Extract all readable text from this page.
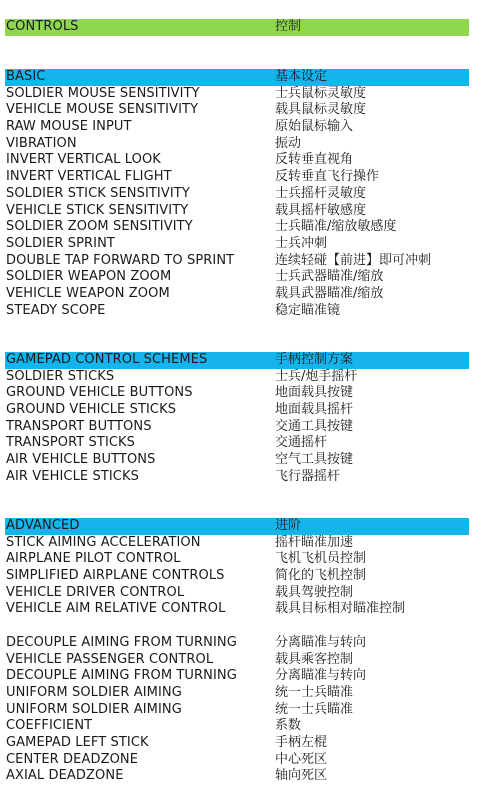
CONTROLS	控制
BASIC	基本设定
SOLDIER MOUSE SENSITIVITY	士兵鼠标灵敏度
VEHICLE MOUSE SENSITIVITY	载具鼠标灵敏度
RAW MOUSE INPUT	原始鼠标输入
VIBRATION	振动
INVERT VERTICAL LOOK	反转垂直视角
INVERT VERTICAL FLIGHT	反转垂直飞行操作
SOLDIER STICK SENSITIVITY	士兵摇杆灵敏度
VEHICLE STICK SENSITIVITY	载具摇杆敏感度
SOLDIER ZOOM SENSITIVITY	士兵瞄准/缩放敏感度
SOLDIER SPRINT	士兵冲刺
DOUBLE TAP FORWARD TO SPRINT	连续轻碰【前进】即可冲刺
SOLDIER WEAPON ZOOM	士兵武器瞄准/缩放
VEHICLE WEAPON ZOOM	载具武器瞄准/缩放
STEADY SCOPE	稳定瞄准镜
GAMEPAD CONTROL SCHEMES	手柄控制方案
SOLDIER STICKS	士兵/炮手摇杆
GROUND VEHICLE BUTTONS	地面载具按键
GROUND VEHICLE STICKS	地面载具摇杆
TRANSPORT BUTTONS	交通工具按键
TRANSPORT STICKS	交通摇杆
AIR VEHICLE BUTTONS	空气工具按键
AIR VEHICLE STICKS	飞行器摇杆
ADVANCED	进阶
STICK AIMING ACCELERATION	摇杆瞄准加速
AIRPLANE PILOT CONTROL	飞机飞机员控制
SIMPLIFIED AIRPLANE CONTROLS	简化的飞机控制
VEHICLE DRIVER CONTROL	载具驾驶控制
VEHICLE AIM RELATIVE CONTROL	载具目标相对瞄准控制
DECOUPLE AIMING FROM TURNING	分离瞄准与转向
VEHICLE PASSENGER CONTROL	载具乘客控制
DECOUPLE AIMING FROM TURNING	分离瞄准与转向
UNIFORM SOLDIER AIMING	统一士兵瞄准
UNIFORM SOLDIER AIMING	统一士兵瞄准
COEFFICIENT	系数
GAMEPAD LEFT STICK	手柄左棍
CENTER DEADZONE	中心死区
AXIAL DEADZONE	轴向死区
